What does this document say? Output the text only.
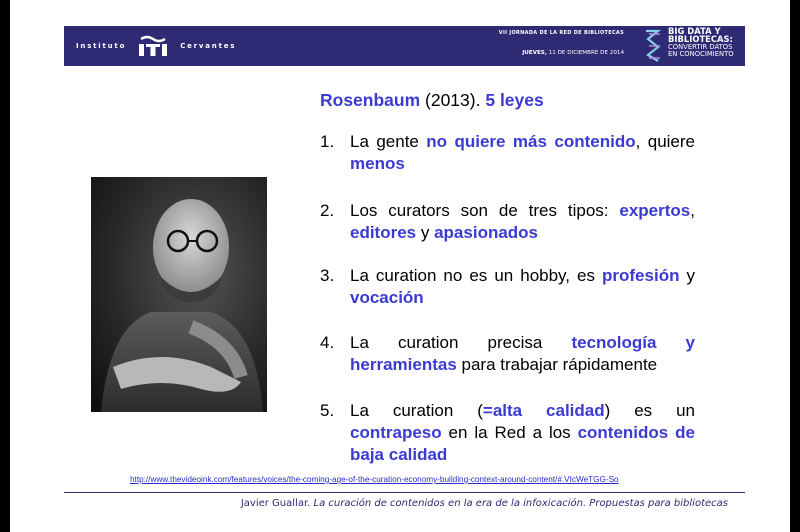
Instituto	Cervantes
VII JORNADA DE LA RED DE BIBLIOTECAS
JUEVES, 11 DE DICIEMBRE DE 2014
BIG DATA Y
BIBLIOTECAS:
CONVERTIR DATOS
EN CONOCIMIENTO
Rosenbaum (2013). 5 leyes
1. La gente no quiere más contenido, quiere menos
2. Los curators son de tres tipos: expertos, editores y apasionados
3. La curation no es un hobby, es profesión y vocación
4. La curation precisa tecnología y herramientas para trabajar rápidamente
5. La curation (=alta calidad) es un contrapeso en la Red a los contenidos de baja calidad
http://www.thevideoink.com/features/voices/the-coming-age-of-the-curation-economy-building-context-around-content/#.VIcWeTGG-So
Javier Guallar. La curación de contenidos en la era de la infoxicación. Propuestas para bibliotecas
